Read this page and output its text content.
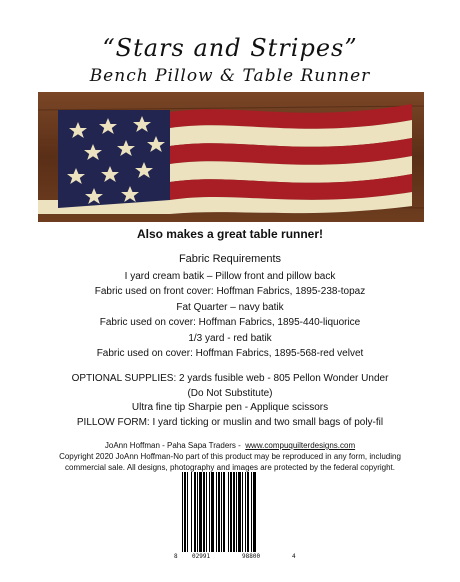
“Stars and Stripes”
Bench Pillow & Table Runner
Also makes a great table runner!
Fabric Requirements
I yard cream batik – Pillow front and pillow back
Fabric used on front cover: Hoffman Fabrics, 1895-238-topaz
Fat Quarter – navy batik
Fabric used on cover: Hoffman Fabrics, 1895-440-liquorice
1/3 yard - red batik
Fabric used on cover: Hoffman Fabrics, 1895-568-red velvet
OPTIONAL SUPPLIES: 2 yards fusible web - 805 Pellon Wonder Under
(Do Not Substitute)
Ultra fine tip Sharpie pen - Applique scissors
PILLOW FORM: I yard ticking or muslin and two small bags of poly-fil
JoAnn Hoffman - Paha Sapa Traders - www.compuquilterdesigns.com
Copyright 2020 JoAnn Hoffman-No part of this product may be reproduced in any form, including
commercial sale. All designs, photography and images are protected by the federal copyright.
8 02991	98800	4
